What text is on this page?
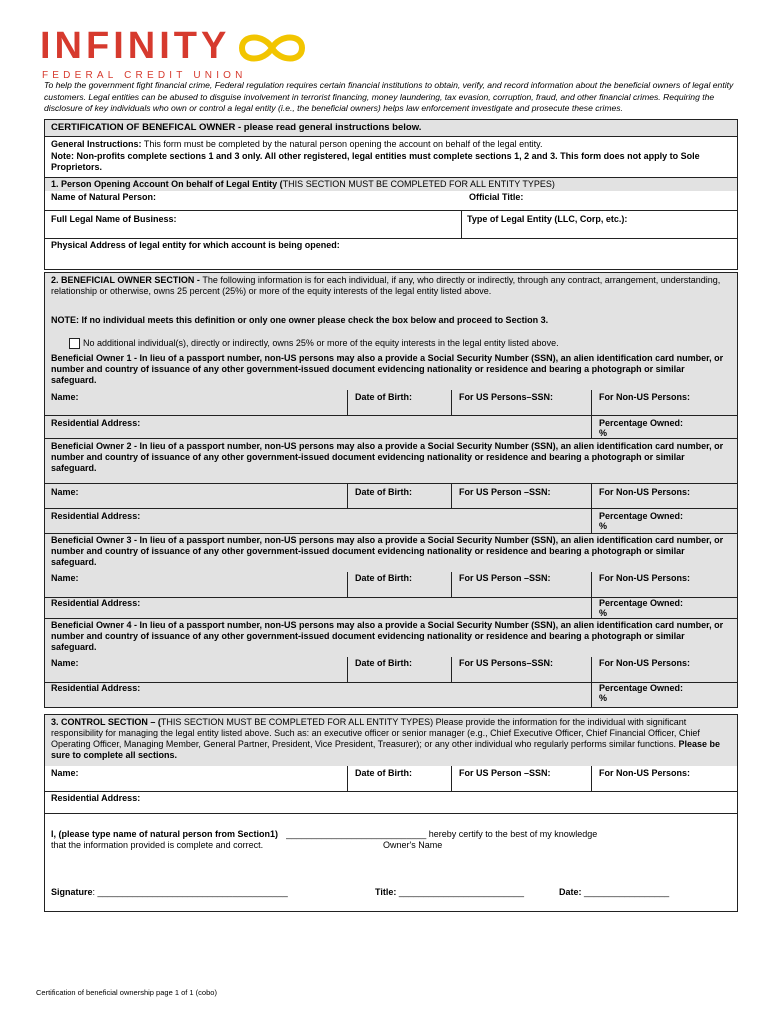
INFINITY
FEDERAL CREDIT UNION
To help the government fight financial crime, Federal regulation requires certain financial institutions to obtain, verify, and record information about the beneficial owners of legal entity customers. Legal entities can be abused to disguise involvement in terrorist financing, money laundering, tax evasion, corruption, fraud, and other financial crimes. Requiring the disclosure of key individuals who own or control a legal entity (i.e., the beneficial owners) helps law enforcement investigate and prosecute these crimes.
CERTIFICATION OF BENEFICAL OWNER - please read general instructions below.
General Instructions: This form must be completed by the natural person opening the account on behalf of the legal entity.
Note: Non-profits complete sections 1 and 3 only. All other registered, legal entities must complete sections 1, 2 and 3. This form does not apply to Sole Proprietors.
1. Person Opening Account On behalf of Legal Entity (THIS SECTION MUST BE COMPLETED FOR ALL ENTITY TYPES)
Name of Natural Person:	Official Title:
Full Legal Name of Business:	Type of Legal Entity (LLC, Corp, etc.):
Physical Address of legal entity for which account is being opened:
2. BENEFICIAL OWNER SECTION - The following information is for each individual, if any, who directly or indirectly, through any contract, arrangement, understanding, relationship or otherwise, owns 25 percent (25%) or more of the equity interests of the legal entity listed above.
NOTE: If no individual meets this definition or only one owner please check the box below and proceed to Section 3.
No additional individual(s), directly or indirectly, owns 25% or more of the equity interests in the legal entity listed above.
Beneficial Owner 1 - In lieu of a passport number, non-US persons may also a provide a Social Security Number (SSN), an alien identification card number, or number and country of issuance of any other government-issued document evidencing nationality or residence and bearing a photograph or similar safeguard.
Name:	Date of Birth:	For US Persons–SSN:	For Non-US Persons:
Residential Address:	Percentage Owned:
%
Beneficial Owner 2 - In lieu of a passport number, non-US persons may also a provide a Social Security Number (SSN), an alien identification card number, or number and country of issuance of any other government-issued document evidencing nationality or residence and bearing a photograph or similar safeguard.
Name:	Date of Birth:	For US Person –SSN:	For Non-US Persons:
Residential Address:	Percentage Owned:
%
Beneficial Owner 3 - In lieu of a passport number, non-US persons may also a provide a Social Security Number (SSN), an alien identification card number, or number and country of issuance of any other government-issued document evidencing nationality or residence and bearing a photograph or similar safeguard.
Name:	Date of Birth:	For US Person –SSN:	For Non-US Persons:
Residential Address:	Percentage Owned:
%
Beneficial Owner 4 - In lieu of a passport number, non-US persons may also a provide a Social Security Number (SSN), an alien identification card number, or number and country of issuance of any other government-issued document evidencing nationality or residence and bearing a photograph or similar safeguard.
Name:	Date of Birth:	For US Persons–SSN:	For Non-US Persons:
Residential Address:	Percentage Owned:
%
3. CONTROL SECTION – (THIS SECTION MUST BE COMPLETED FOR ALL ENTITY TYPES) Please provide the information for the individual with significant responsibility for managing the legal entity listed above. Such as: an executive officer or senior manager (e.g., Chief Executive Officer, Chief Financial Officer, Chief Operating Officer, Managing Member, General Partner, President, Vice President, Treasurer); or any other individual who regularly performs similar functions. Please be sure to complete all sections.
Name:	Date of Birth:	For US Person –SSN:	For Non-US Persons:
Residential Address:
I, (please type name of natural person from Section1) ____________________________ hereby certify to the best of my knowledge
that the information provided is complete and correct.	Owner's Name
Signature: ______________________________________	Title: _________________________	Date: _________________
Certification of beneficial ownership page 1 of 1 (cobo)
